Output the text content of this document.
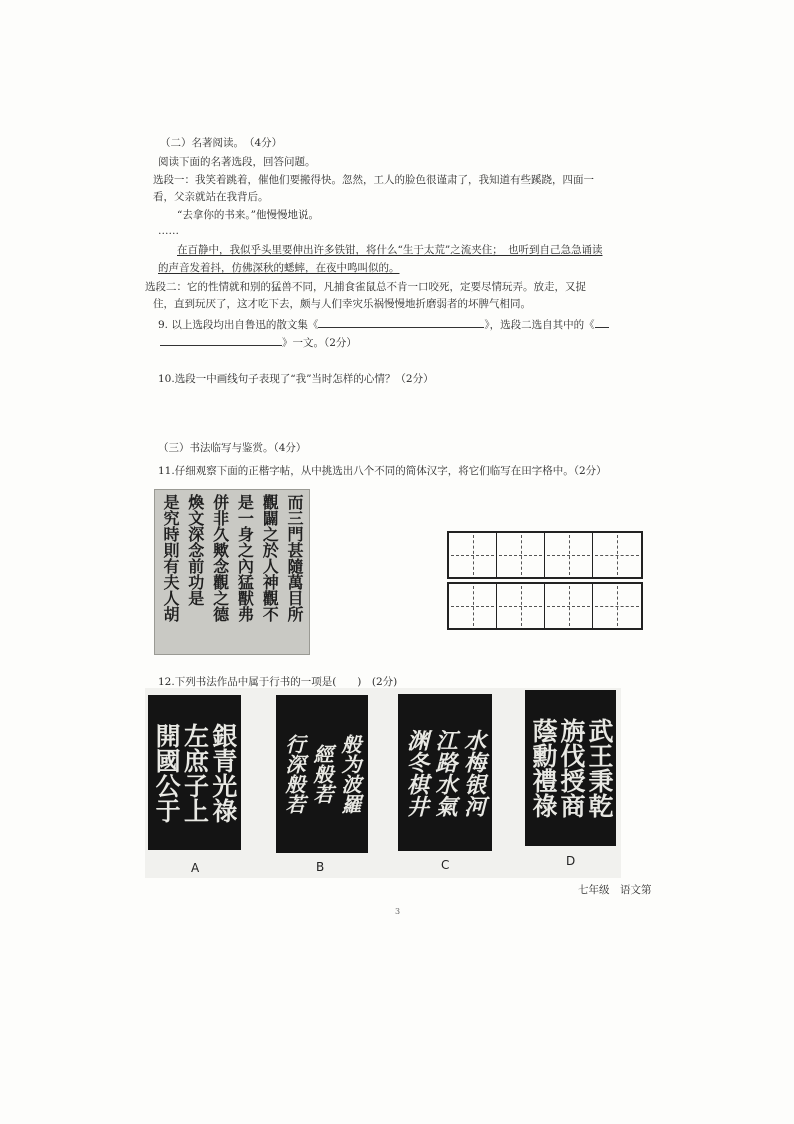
（二）名著阅读。　（4分）
阅读下面的名著选段，回答问题。
选段一：我笑着跳着，催他们要搬得快。忽然，工人的脸色很谨肃了，我知道有些蹊跷，四面一
看，父亲就站在我背后。
“去拿你的书来。”他慢慢地说。
……
在百静中，我似乎头里要伸出许多铁钳，将什么“生于太荒”之流夹住；　也听到自己急急诵读
的声音发着抖，仿佛深秋的蟋蟀，在夜中鸣叫似的。
选段二：它的性情就和别的猛兽不同，凡捕食雀鼠总不肯一口咬死，定要尽情玩弄。放走，又捉
住，直到玩厌了，这才吃下去，颇与人们幸灾乐祸慢慢地折磨弱者的坏脾气相同。
9. 以上选段均出自鲁迅的散文集《	》，选段二选自其中的《
》一文。（2分）
10.选段一中画线句子表现了“我”当时怎样的心情？（2分）
（三）书法临写与鉴赏。（4分）
11.仔细观察下面的正楷字帖，从中挑选出八个不同的简体汉字，将它们临写在田字格中。（2分）
而三門甚隨萬目所
觀闢之於人神觀不
是一身之內猛獸弗
併非久歟念觀之德
煥文深念前功是
是究時則有夫人胡
12.下列书法作品中属于行书的一项是(　　)　(2分)
銀青光祿
左庶子上
開國公于
A
般为波羅
經般若
行深般若
B
水梅银河
江路水氣
渊冬棋井
C
武王秉乾
旃伐授商
蔭勳禮祿
D
七年级　语文第
3
